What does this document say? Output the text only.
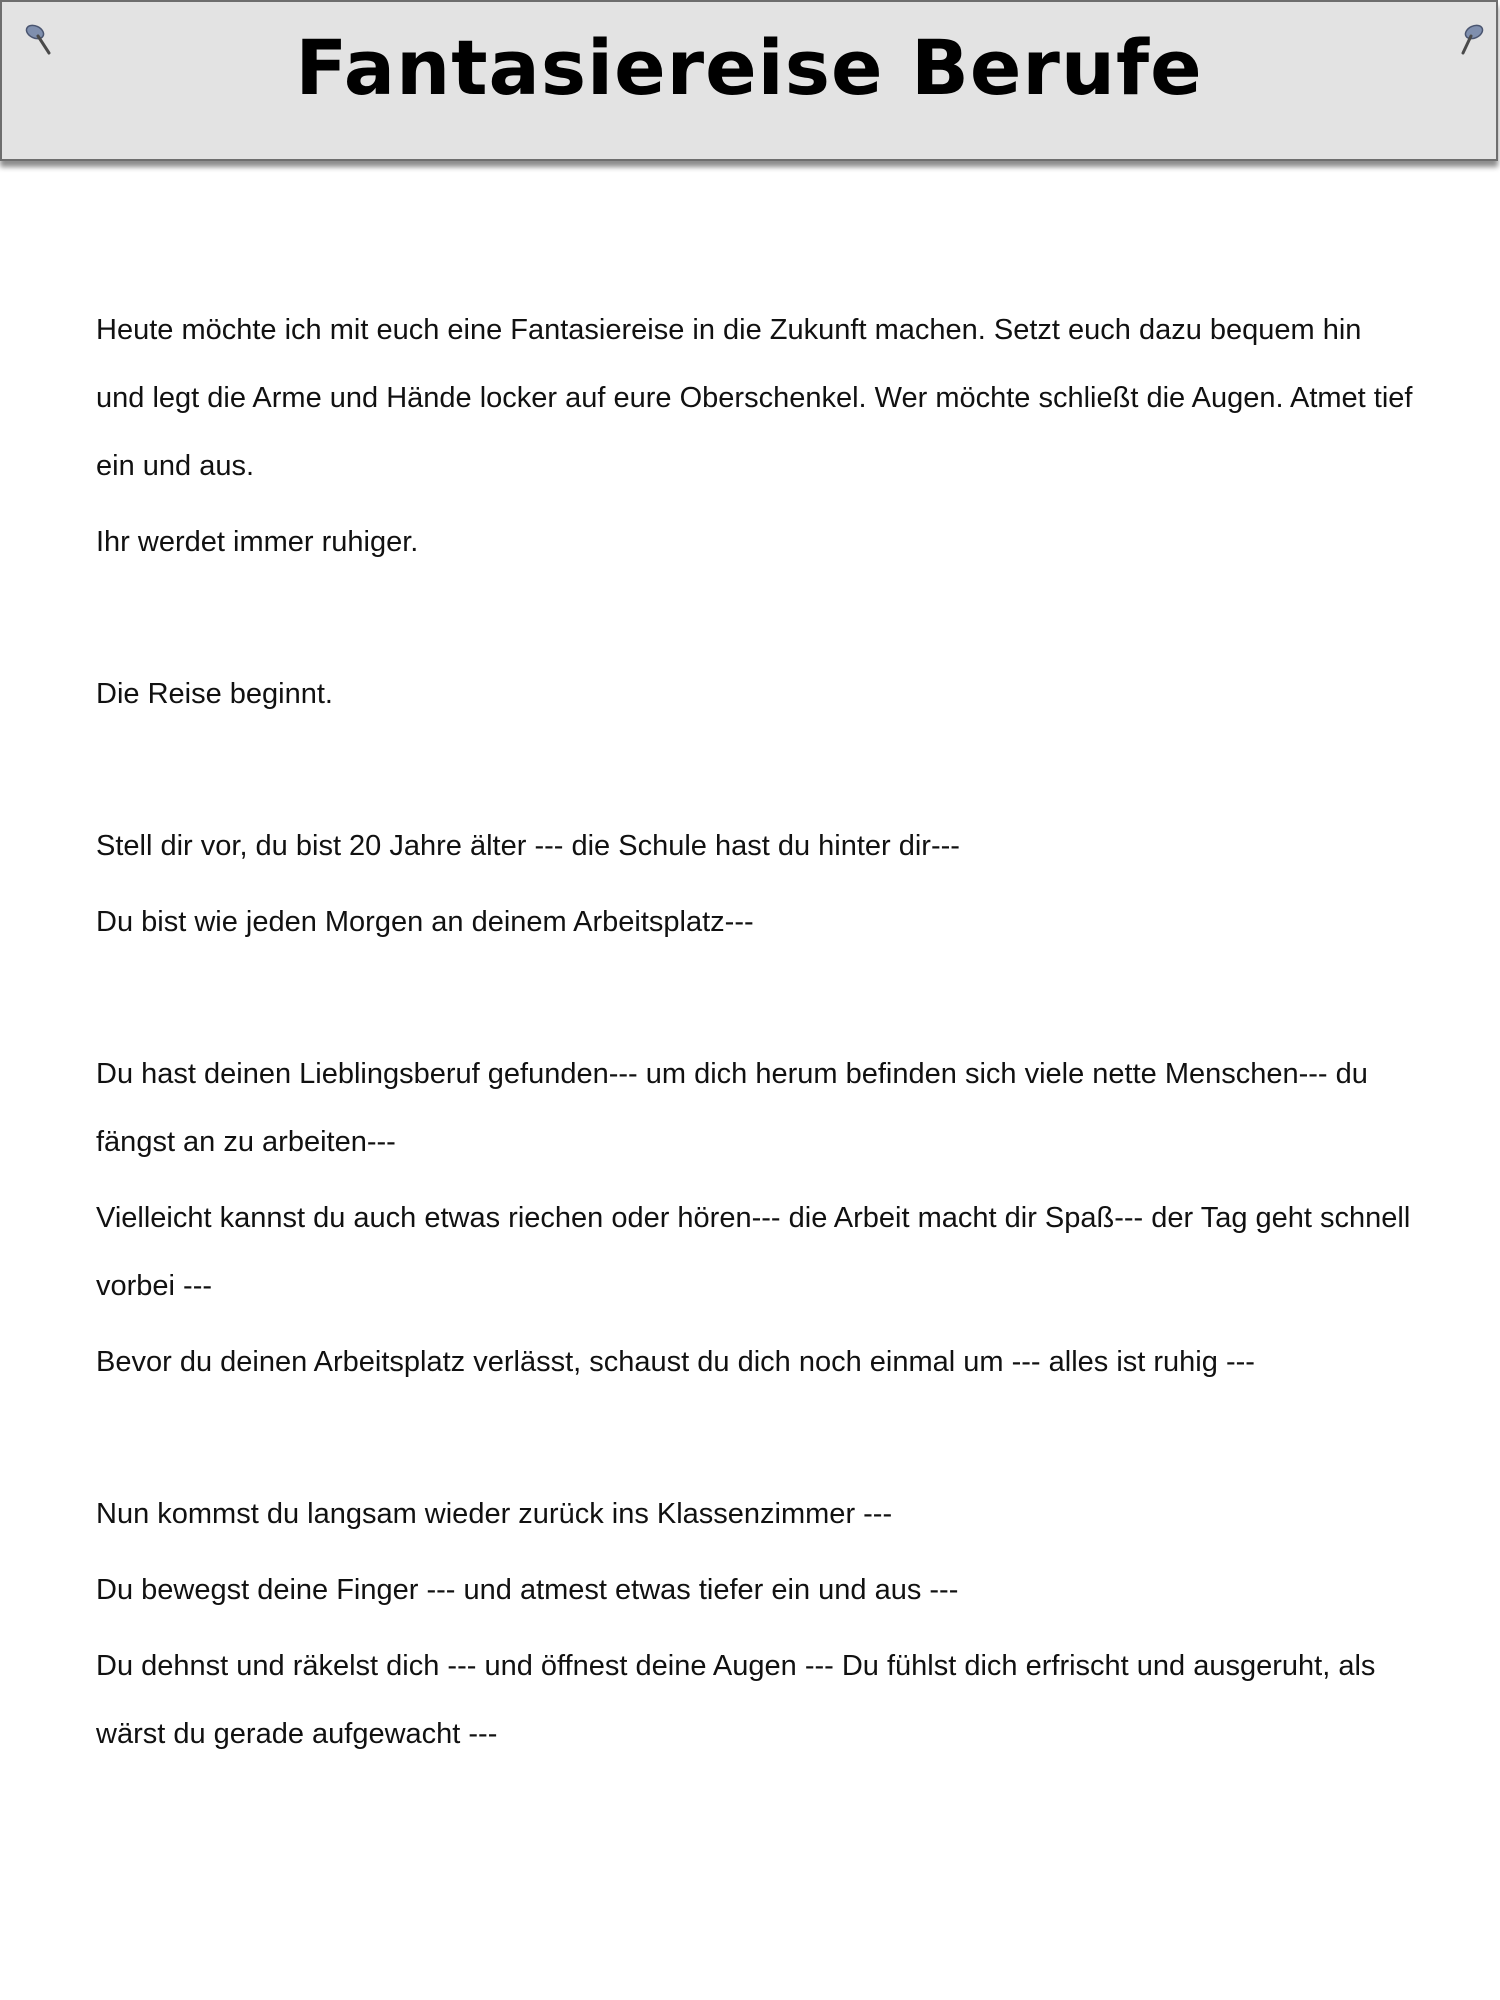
Fantasiereise Berufe

Heute möchte ich mit euch eine Fantasiereise in die Zukunft machen. Setzt euch dazu bequem hin und legt die Arme und Hände locker auf eure Oberschenkel. Wer möchte schließt die Augen. Atmet tief ein und aus.

Ihr werdet immer ruhiger.

Die Reise beginnt.

Stell dir vor, du bist 20 Jahre älter --- die Schule hast du hinter dir---

Du bist wie jeden Morgen an deinem Arbeitsplatz---

Du hast deinen Lieblingsberuf gefunden--- um dich herum befinden sich viele nette Menschen--- du fängst an zu arbeiten---

Vielleicht kannst du auch etwas riechen oder hören--- die Arbeit macht dir Spaß--- der Tag geht schnell vorbei ---

Bevor du deinen Arbeitsplatz verlässt, schaust du dich noch einmal um --- alles ist ruhig ---

Nun kommst du langsam wieder zurück ins Klassenzimmer ---

Du bewegst deine Finger --- und atmest etwas tiefer ein und aus ---

Du dehnst und räkelst dich --- und öffnest deine Augen --- Du fühlst dich erfrischt und ausgeruht, als wärst du gerade aufgewacht ---
